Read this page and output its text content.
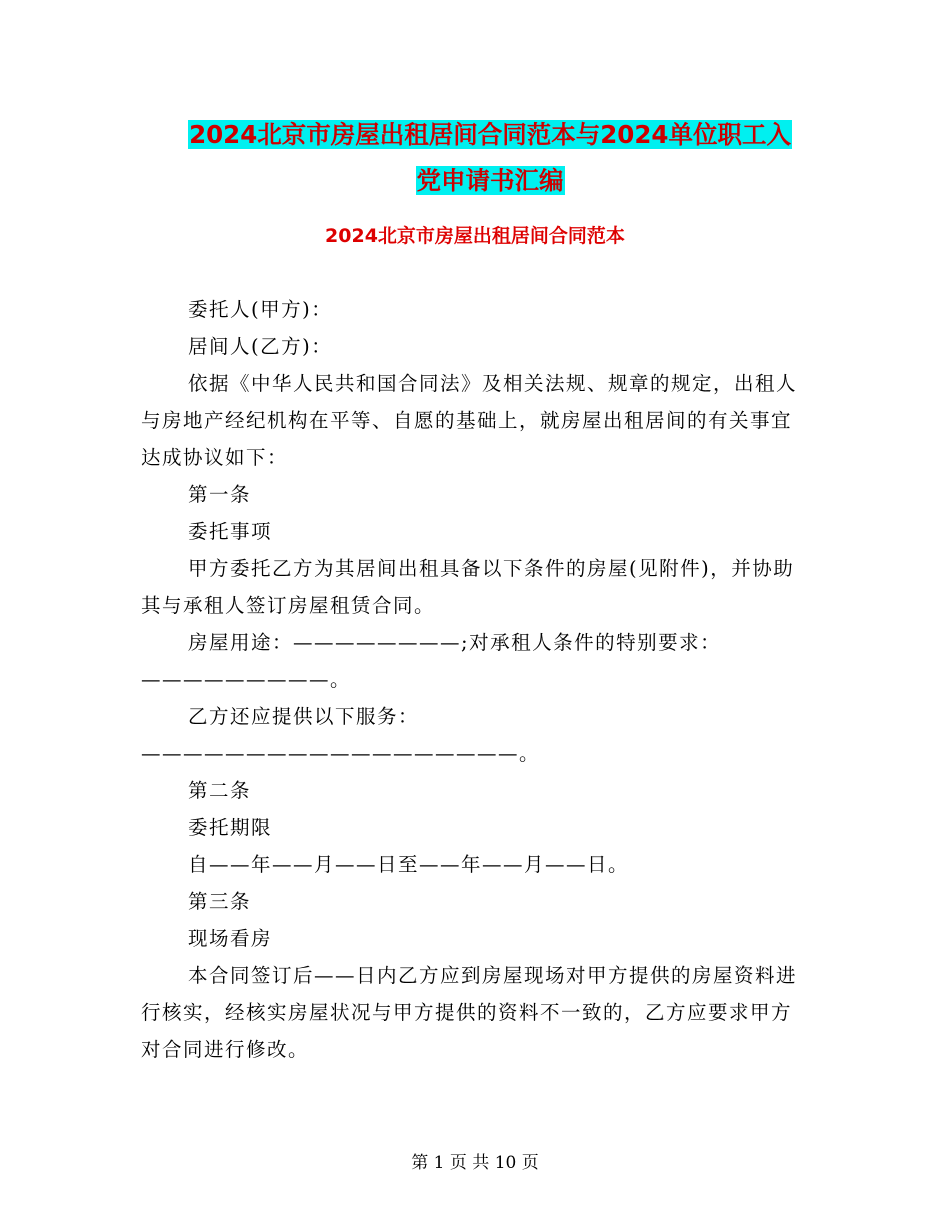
2024北京市房屋出租居间合同范本与2024单位职工入
党申请书汇编
2024北京市房屋出租居间合同范本

委托人(甲方)：

居间人(乙方)：

依据《中华人民共和国合同法》及相关法规、规章的规定，出租人与房地产经纪机构在平等、自愿的基础上，就房屋出租居间的有关事宜达成协议如下：

第一条

委托事项

甲方委托乙方为其居间出租具备以下条件的房屋(见附件)，并协助其与承租人签订房屋租赁合同。

房屋用途：————————;对承租人条件的特别要求：—————————。

乙方还应提供以下服务：——————————————————。

第二条

委托期限

自——年——月——日至——年——月——日。

第三条

现场看房

本合同签订后——日内乙方应到房屋现场对甲方提供的房屋资料进行核实，经核实房屋状况与甲方提供的资料不一致的，乙方应要求甲方对合同进行修改。

第 1 页 共 10 页
